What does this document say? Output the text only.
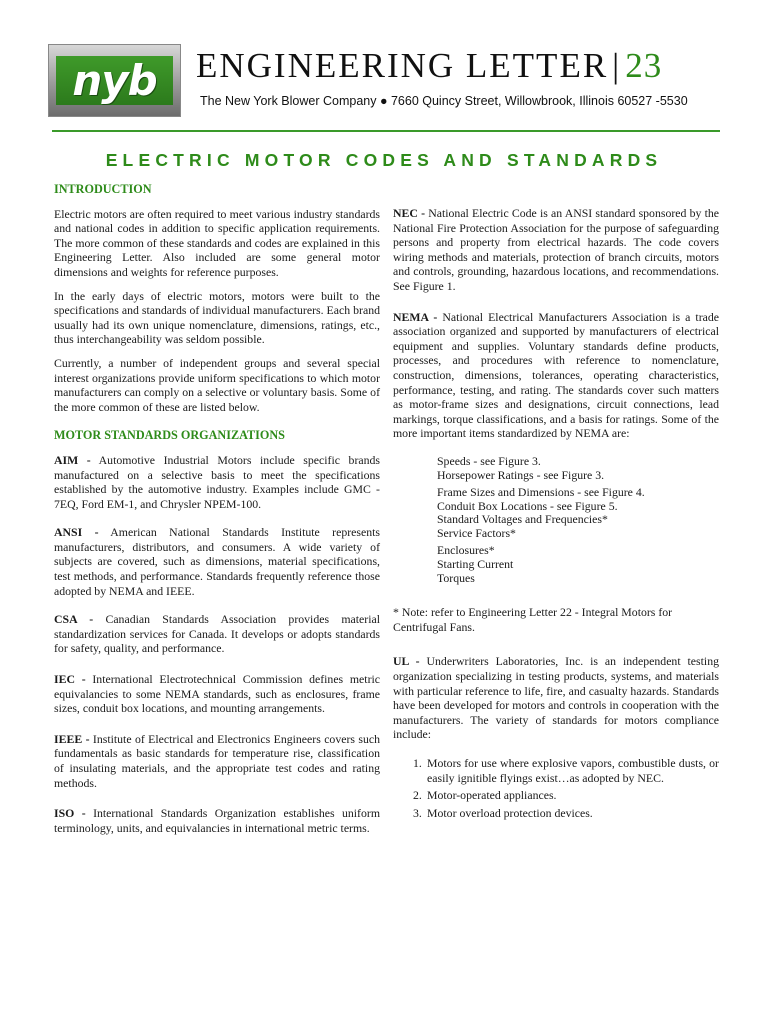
nyb ENGINEERING LETTER | 23
The New York Blower Company ● 7660 Quincy Street, Willowbrook, Illinois 60527 -5530
ELECTRIC MOTOR CODES AND STANDARDS
INTRODUCTION

Electric motors are often required to meet various industry standards and national codes in addition to specific application requirements. The more common of these standards and codes are explained in this Engineering Letter. Also included are some general motor dimensions and weights for reference purposes.

In the early days of electric motors, motors were built to the specifications and standards of individual manufacturers. Each brand usually had its own unique nomenclature, dimensions, ratings, etc., thus interchangeability was seldom possible.

Currently, a number of independent groups and several special interest organizations provide uniform specifications to which motor manufacturers can comply on a selective or voluntary basis. Some of the more common of these are listed below.

MOTOR STANDARDS ORGANIZATIONS

AIM - Automotive Industrial Motors include specific brands manufactured on a selective basis to meet the specifications established by the automotive industry. Examples include GMC - 7EQ, Ford EM-1, and Chrysler NPEM-100.

ANSI - American National Standards Institute represents manufacturers, distributors, and consumers. A wide variety of subjects are covered, such as dimensions, material specifications, test methods, and performance. Standards frequently reference those adopted by NEMA and IEEE.

CSA - Canadian Standards Association provides material standardization services for Canada. It develops or adopts standards for safety, quality, and performance.

IEC - International Electrotechnical Commission defines metric equivalancies to some NEMA standards, such as enclosures, frame sizes, conduit box locations, and mounting arrangements.

IEEE - Institute of Electrical and Electronics Engineers covers such fundamentals as basic standards for temperature rise, classification of insulating materials, and the appropriate test codes and rating methods.

ISO - International Standards Organization establishes uniform terminology, units, and equivalancies in international metric terms.

NEC - National Electric Code is an ANSI standard sponsored by the National Fire Protection Association for the purpose of safeguarding persons and property from electrical hazards. The code covers wiring methods and materials, protection of branch circuits, motors and controls, grounding, hazardous locations, and recommendations. See Figure 1.

NEMA - National Electrical Manufacturers Association is a trade association organized and supported by manufacturers of electrical equipment and supplies. Voluntary standards define products, processes, and procedures with reference to nomenclature, construction, dimensions, tolerances, operating characteristics, performance, testing, and rating. The standards cover such matters as motor-frame sizes and designations, circuit connections, lead markings, torque classifications, and a basis for ratings. Some of the more important items standardized by NEMA are:

Speeds - see Figure 3.
Horsepower Ratings - see Figure 3.
Frame Sizes and Dimensions - see Figure 4.
Conduit Box Locations - see Figure 5.
Standard Voltages and Frequencies*
Service Factors*
Enclosures*
Starting Current
Torques

* Note: refer to Engineering Letter 22 - Integral Motors for Centrifugal Fans.

UL - Underwriters Laboratories, Inc. is an independent testing organization specializing in testing products, systems, and materials with particular reference to life, fire, and casualty hazards. Standards have been developed for motors and controls in cooperation with the manufacturers. The variety of standards for motors compliance include:

1. Motors for use where explosive vapors, combustible dusts, or easily ignitible flyings exist…as adopted by NEC.
2. Motor-operated appliances.
3. Motor overload protection devices.
